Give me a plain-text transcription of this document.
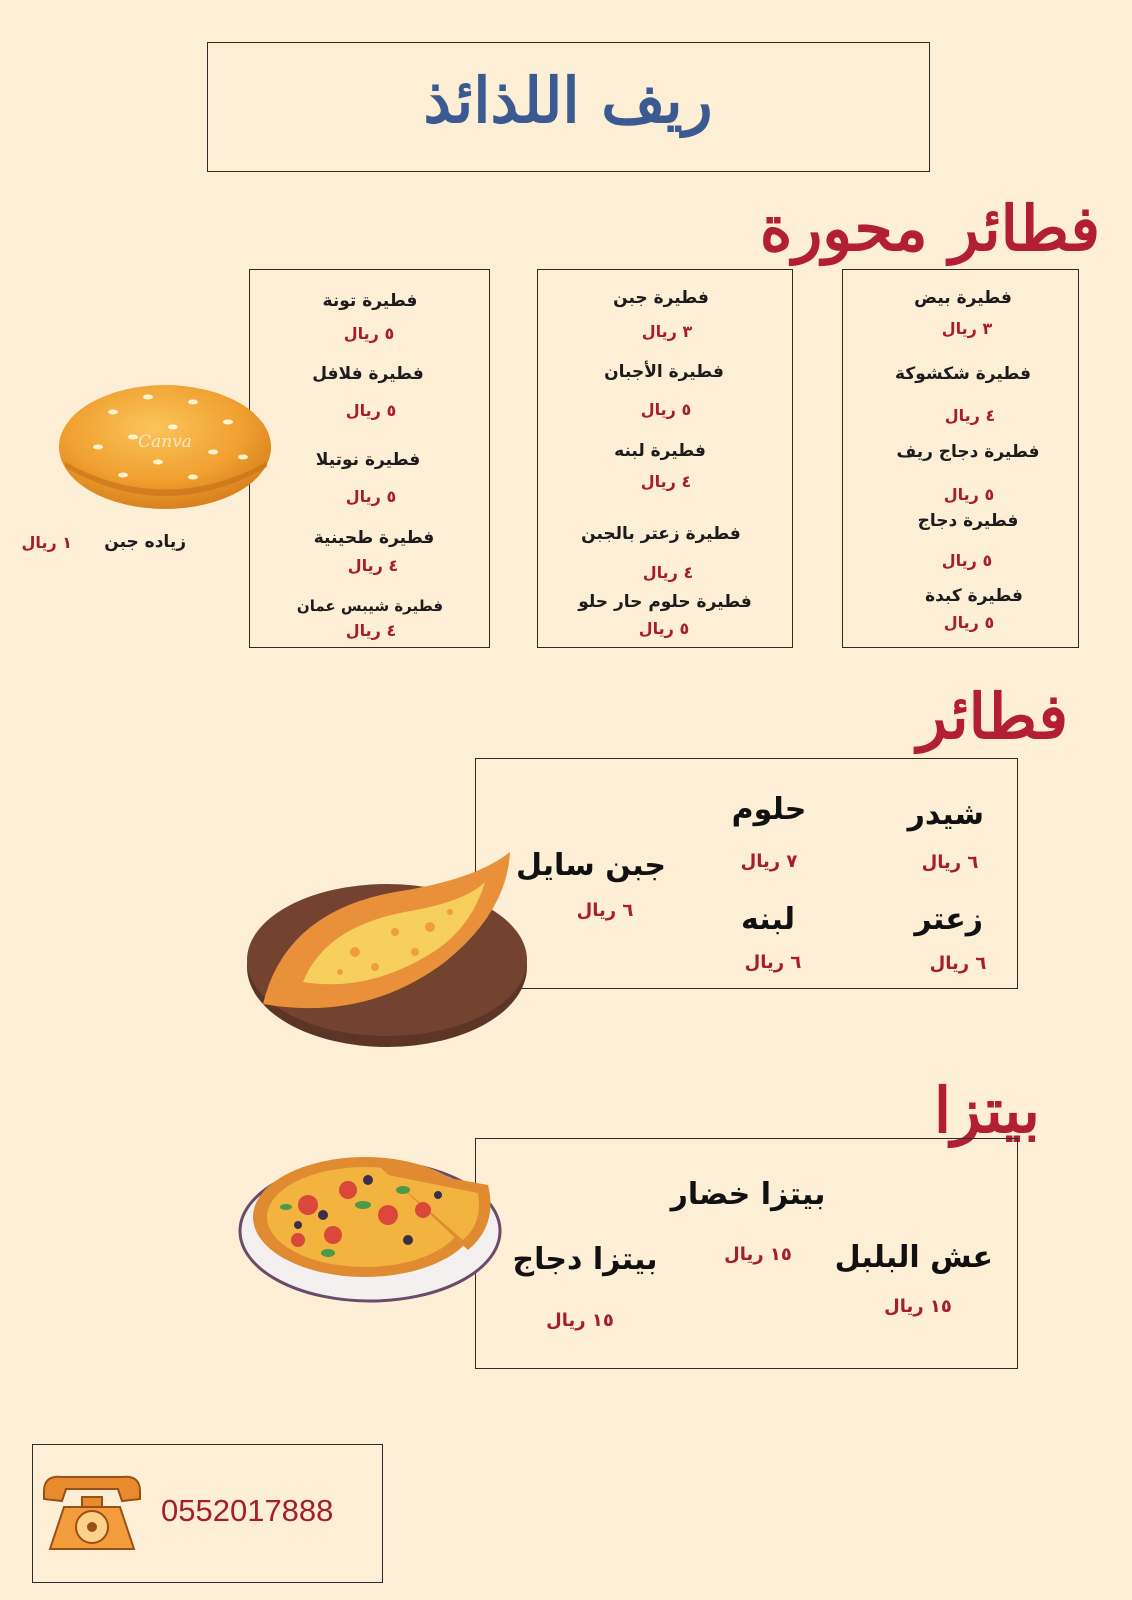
ريف اللذائذ
فطائر محورة
فطيرة بيض
٣ ريال
فطيرة شكشوكة
٤ ريال
فطيرة دجاج ريف
٥ ريال
فطيرة دجاج
٥ ريال
فطيرة كبدة
٥ ريال
فطيرة جبن
٣ ريال
فطيرة الأجبان
٥ ريال
فطيرة لبنه
٤ ريال
فطيرة زعتر بالجبن
٤ ريال
فطيرة حلوم حار حلو
٥ ريال
فطيرة تونة
٥ ريال
فطيرة فلافل
٥ ريال
فطيرة نوتيلا
٥ ريال
فطيرة طحينية
٤ ريال
فطيرة شيبس عمان
٤ ريال
Canva
زياده جبن
١ ريال
فطائر
شيدر
٦ ريال
حلوم
٧ ريال
جبن سايل
٦ ريال	زعتر
٦ ريال
لبنه
٦ ريال
بيتزا
بيتزا خضار
١٥ ريال عش البلبل
١٥ ريال
بيتزا دجاج
١٥ ريال
0552017888
